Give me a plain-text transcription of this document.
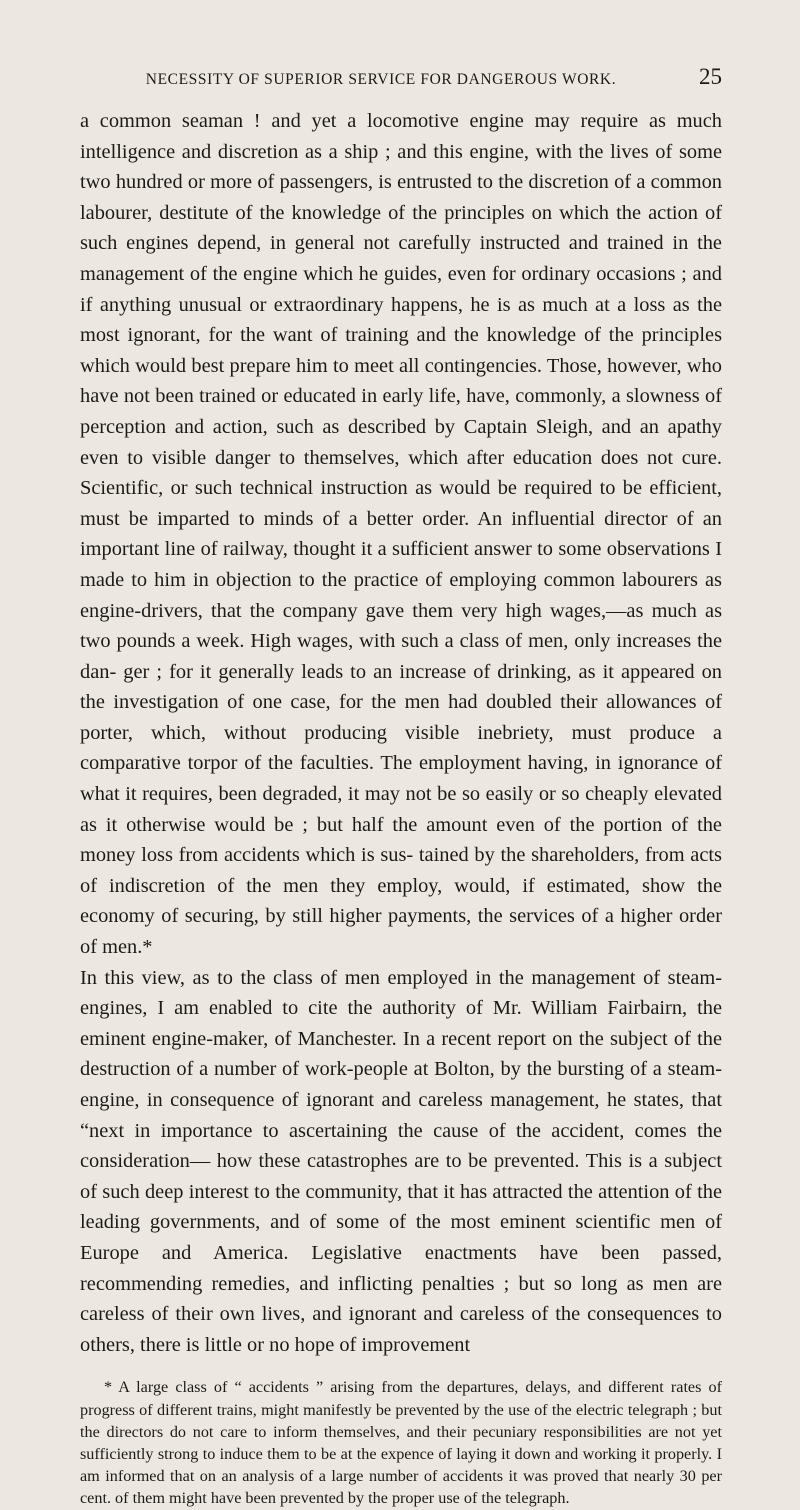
NECESSITY OF SUPERIOR SERVICE FOR DANGEROUS WORK.	25

a common seaman ! and yet a locomotive engine may require as much intelligence and discretion as a ship ; and this engine, with the lives of some two hundred or more of passengers, is entrusted to the discretion of a common labourer, destitute of the knowledge of the principles on which the action of such engines depend, in general not carefully instructed and trained in the management of the engine which he guides, even for ordinary occasions ; and if anything unusual or extraordinary happens, he is as much at a loss as the most ignorant, for the want of training and the knowledge of the principles which would best prepare him to meet all contingencies. Those, however, who have not been trained or educated in early life, have, commonly, a slowness of perception and action, such as described by Captain Sleigh, and an apathy even to visible danger to themselves, which after education does not cure. Scientific, or such technical instruction as would be required to be efficient, must be imparted to minds of a better order. An influential director of an important line of railway, thought it a sufficient answer to some observations I made to him in objection to the practice of employing common labourers as engine-drivers, that the company gave them very high wages,—as much as two pounds a week. High wages, with such a class of men, only increases the dan- ger ; for it generally leads to an increase of drinking, as it appeared on the investigation of one case, for the men had doubled their allowances of porter, which, without producing visible inebriety, must produce a comparative torpor of the faculties. The employment having, in ignorance of what it requires, been degraded, it may not be so easily or so cheaply elevated as it otherwise would be ; but half the amount even of the portion of the money loss from accidents which is sus- tained by the shareholders, from acts of indiscretion of the men they employ, would, if estimated, show the economy of securing, by still higher payments, the services of a higher order of men.*

In this view, as to the class of men employed in the management of steam-engines, I am enabled to cite the authority of Mr. William Fairbairn, the eminent engine-maker, of Manchester. In a recent report on the subject of the destruction of a number of work-people at Bolton, by the bursting of a steam-engine, in consequence of ignorant and careless management, he states, that “next in importance to ascertaining the cause of the accident, comes the consideration— how these catastrophes are to be prevented. This is a subject of such deep interest to the community, that it has attracted the attention of the leading governments, and of some of the most eminent scientific men of Europe and America. Legislative enactments have been passed, recommending remedies, and inflicting penalties ; but so long as men are careless of their own lives, and ignorant and careless of the consequences to others, there is little or no hope of improvement

* A large class of “ accidents ” arising from the departures, delays, and different rates of progress of different trains, might manifestly be prevented by the use of the electric telegraph ; but the directors do not care to inform themselves, and their pecuniary responsibilities are not yet sufficiently strong to induce them to be at the expence of laying it down and working it properly. I am informed that on an analysis of a large number of accidents it was proved that nearly 30 per cent. of them might have been prevented by the proper use of the telegraph.
